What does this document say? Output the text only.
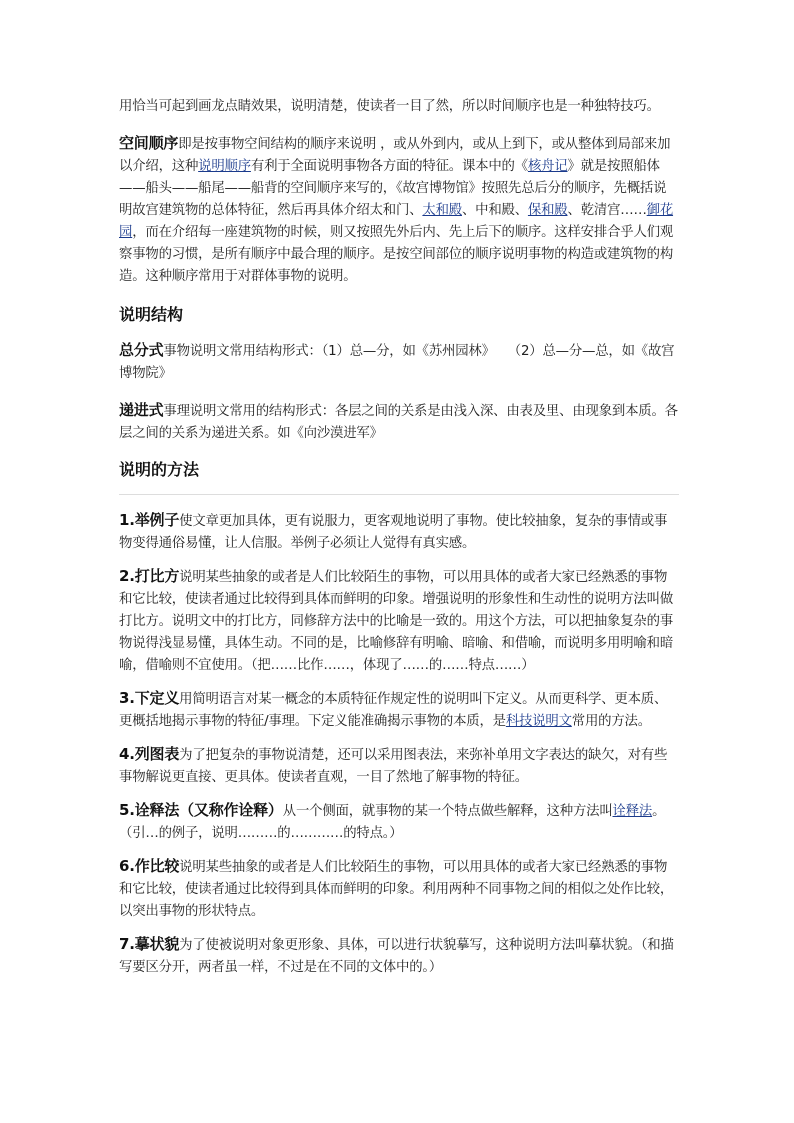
用恰当可起到画龙点睛效果，说明清楚，使读者一目了然，所以时间顺序也是一种独特技巧。

空间顺序即是按事物空间结构的顺序来说明 ，或从外到内，或从上到下，或从整体到局部来加以介绍，这种说明顺序有利于全面说明事物各方面的特征。课本中的《核舟记》就是按照船体——船头——船尾——船背的空间顺序来写的，《故宫博物馆》按照先总后分的顺序，先概括说明故宫建筑物的总体特征，然后再具体介绍太和门、太和殿、中和殿、保和殿、乾清宫……御花园，而在介绍每一座建筑物的时候，则又按照先外后内、先上后下的顺序。这样安排合乎人们观察事物的习惯，是所有顺序中最合理的顺序。是按空间部位的顺序说明事物的构造或建筑物的构造。这种顺序常用于对群体事物的说明。

说明结构

总分式事物说明文常用结构形式：（1）总—分，如《苏州园林》　　（2）总—分—总，如《故宫博物院》

递进式事理说明文常用的结构形式：各层之间的关系是由浅入深、由表及里、由现象到本质。各层之间的关系为递进关系。如《向沙漠进军》

说明的方法

1.举例子使文章更加具体，更有说服力，更客观地说明了事物。使比较抽象，复杂的事情或事物变得通俗易懂，让人信服。举例子必须让人觉得有真实感。

2.打比方说明某些抽象的或者是人们比较陌生的事物，可以用具体的或者大家已经熟悉的事物和它比较，使读者通过比较得到具体而鲜明的印象。增强说明的形象性和生动性的说明方法叫做打比方。说明文中的打比方，同修辞方法中的比喻是一致的。用这个方法，可以把抽象复杂的事物说得浅显易懂，具体生动。不同的是，比喻修辞有明喻、暗喻、和借喻，而说明多用明喻和暗喻，借喻则不宜使用。（把……比作……，体现了……的……特点……）

3.下定义用简明语言对某一概念的本质特征作规定性的说明叫下定义。从而更科学、更本质、更概括地揭示事物的特征/事理。下定义能准确揭示事物的本质，是科技说明文常用的方法。

4.列图表为了把复杂的事物说清楚，还可以采用图表法，来弥补单用文字表达的缺欠，对有些事物解说更直接、更具体。使读者直观，一目了然地了解事物的特征。

5.诠释法（又称作诠释）从一个侧面，就事物的某一个特点做些解释，这种方法叫诠释法。（引…的例子，说明………的…………的特点。）

6.作比较说明某些抽象的或者是人们比较陌生的事物，可以用具体的或者大家已经熟悉的事物和它比较，使读者通过比较得到具体而鲜明的印象。利用两种不同事物之间的相似之处作比较，以突出事物的形状特点。

7.摹状貌为了使被说明对象更形象、具体，可以进行状貌摹写，这种说明方法叫摹状貌。（和描写要区分开，两者虽一样，不过是在不同的文体中的。）
